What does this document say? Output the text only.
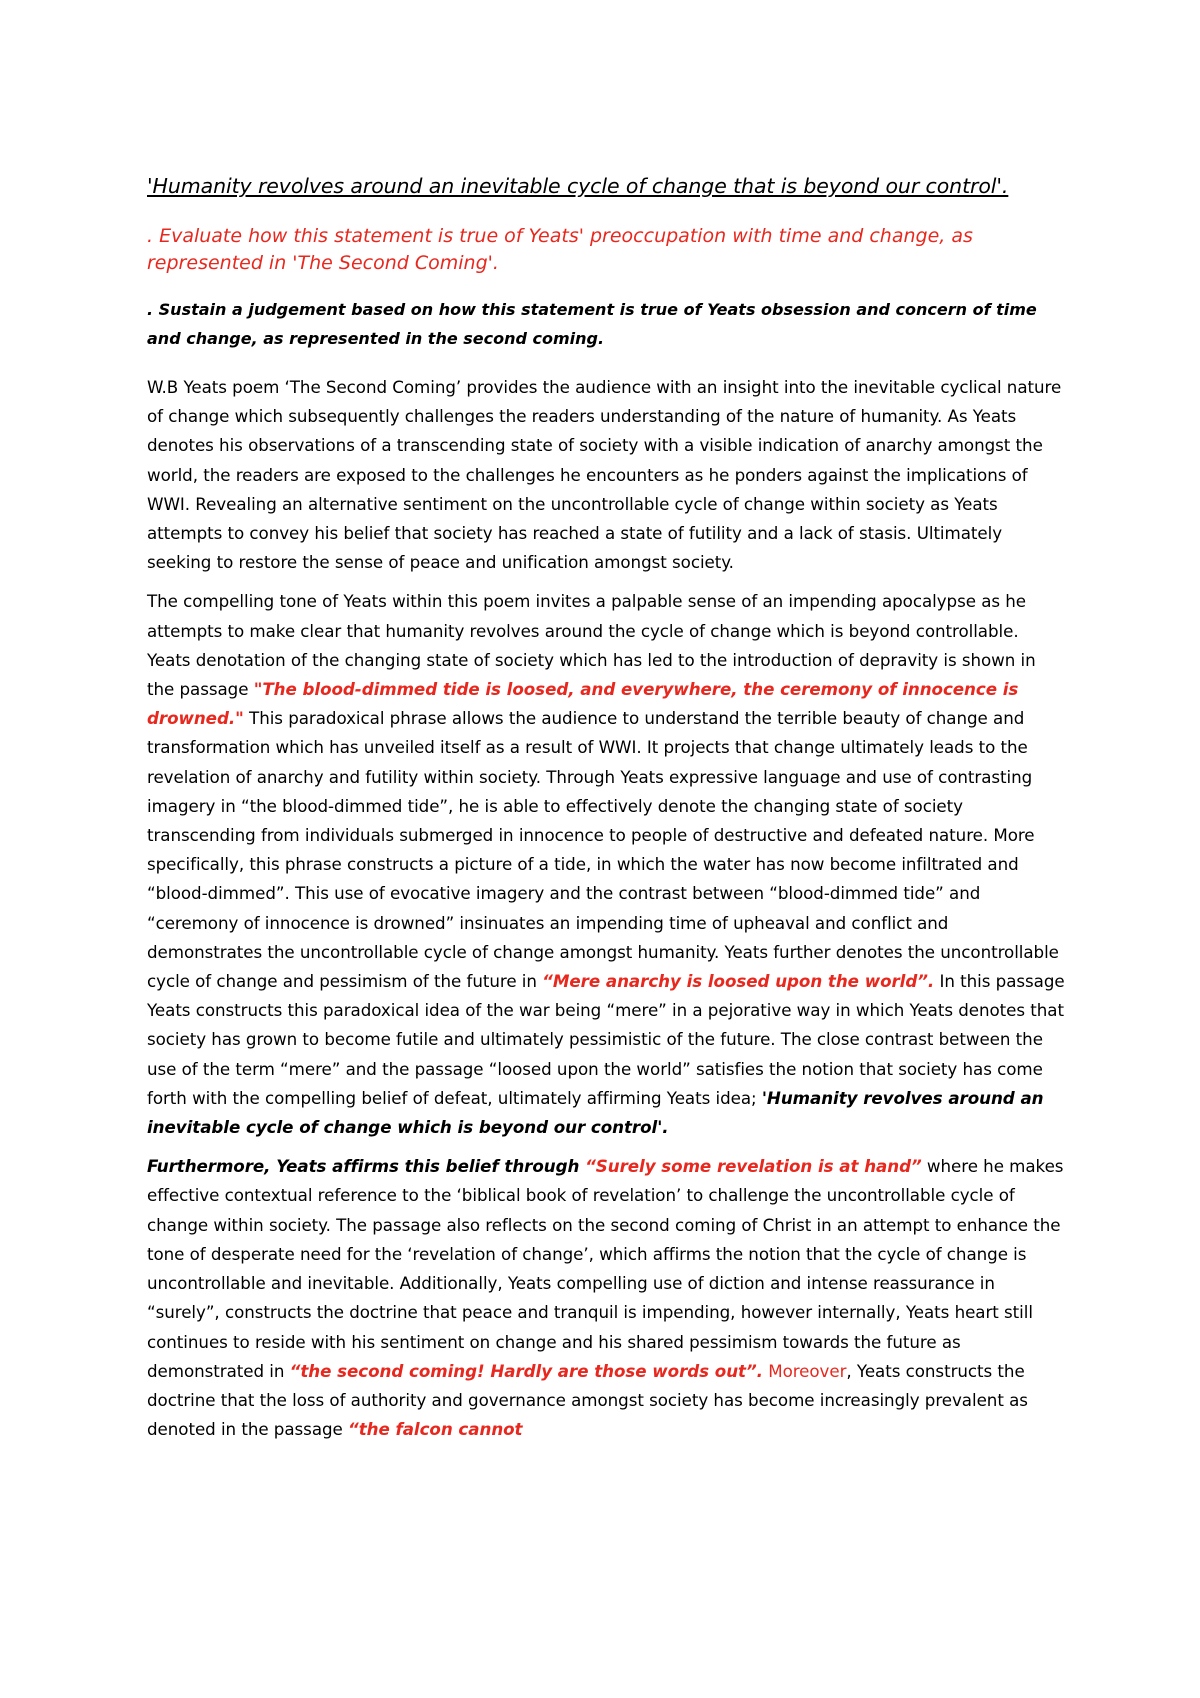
'Humanity revolves around an inevitable cycle of change that is beyond our control'.

. Evaluate how this statement is true of Yeats' preoccupation with time and change, as represented in 'The Second Coming'.

. Sustain a judgement based on how this statement is true of Yeats obsession and concern of time and change, as represented in the second coming.

W.B Yeats poem ‘The Second Coming’ provides the audience with an insight into the inevitable cyclical nature of change which subsequently challenges the readers understanding of the nature of humanity. As Yeats denotes his observations of a transcending state of society with a visible indication of anarchy amongst the world, the readers are exposed to the challenges he encounters as he ponders against the implications of WWI. Revealing an alternative sentiment on the uncontrollable cycle of change within society as Yeats attempts to convey his belief that society has reached a state of futility and a lack of stasis. Ultimately seeking to restore the sense of peace and unification amongst society.

The compelling tone of Yeats within this poem invites a palpable sense of an impending apocalypse as he attempts to make clear that humanity revolves around the cycle of change which is beyond controllable. Yeats denotation of the changing state of society which has led to the introduction of depravity is shown in the passage "The blood-dimmed tide is loosed, and everywhere, the ceremony of innocence is drowned." This paradoxical phrase allows the audience to understand the terrible beauty of change and transformation which has unveiled itself as a result of WWI. It projects that change ultimately leads to the revelation of anarchy and futility within society. Through Yeats expressive language and use of contrasting imagery in “the blood-dimmed tide”, he is able to effectively denote the changing state of society transcending from individuals submerged in innocence to people of destructive and defeated nature. More specifically, this phrase constructs a picture of a tide, in which the water has now become infiltrated and “blood-dimmed”. This use of evocative imagery and the contrast between “blood-dimmed tide” and “ceremony of innocence is drowned” insinuates an impending time of upheaval and conflict and demonstrates the uncontrollable cycle of change amongst humanity. Yeats further denotes the uncontrollable cycle of change and pessimism of the future in “Mere anarchy is loosed upon the world”. In this passage Yeats constructs this paradoxical idea of the war being “mere” in a pejorative way in which Yeats denotes that society has grown to become futile and ultimately pessimistic of the future. The close contrast between the use of the term “mere” and the passage “loosed upon the world” satisfies the notion that society has come forth with the compelling belief of defeat, ultimately affirming Yeats idea; 'Humanity revolves around an inevitable cycle of change which is beyond our control'.

Furthermore, Yeats affirms this belief through “Surely some revelation is at hand” where he makes effective contextual reference to the ‘biblical book of revelation’ to challenge the uncontrollable cycle of change within society. The passage also reflects on the second coming of Christ in an attempt to enhance the tone of desperate need for the ‘revelation of change’, which affirms the notion that the cycle of change is uncontrollable and inevitable. Additionally, Yeats compelling use of diction and intense reassurance in “surely”, constructs the doctrine that peace and tranquil is impending, however internally, Yeats heart still continues to reside with his sentiment on change and his shared pessimism towards the future as demonstrated in “the second coming! Hardly are those words out”. Moreover, Yeats constructs the doctrine that the loss of authority and governance amongst society has become increasingly prevalent as denoted in the passage “the falcon cannot
